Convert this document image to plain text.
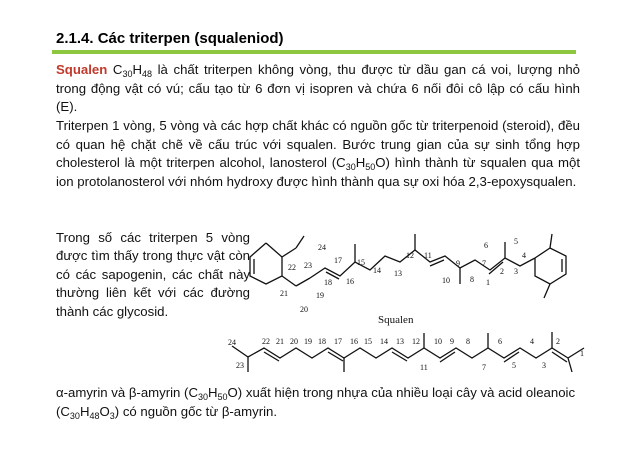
2.1.4. Các triterpen (squaleniod)
Squalen $C_{30}H_{48}$ là chất triterpen không vòng, thu được từ dầu gan cá voi, lượng nhỏ trong động vật có vú; cấu tạo từ 6 đơn vị isopren và chứa 6 nối đôi cô lập có cấu hình (E).
Triterpen 1 vòng, 5 vòng và các hợp chất khác có nguồn gốc từ triterpenoid (steroid), đều có quan hệ chặt chẽ về cấu trúc với squalen. Bước trung gian của sự sinh tổng hợp cholesterol là một triterpen alcohol, lanosterol $(C_{30}H_{50}O)$ hình thành từ squalen qua một ion protolanosterol với nhóm hydroxy được hình thành qua sự oxi hóa 2,3-epoxysqualen.
Trong số các triterpen 5 vòng được tìm thấy trong thực vật còn có các sapogenin, các chất này thường liên kết với các đường thành các glycosid.
Squalen
24
23
22
21
20
19
18
17
16
15
14 13
12 11
10
9
8
7
6	5
4
3
2
1
24
23
22 21 20 19 18 17 16 15 14 13 12
11
10 9 8
7
6
5
4
3
2
1
α-amyrin và β-amyrin $(C_{30}H_{50}O)$ xuất hiện trong nhựa của nhiều loại cây và acid oleanoic $(C_{30}H_{48}O_3)$ có nguồn gốc từ β-amyrin.
